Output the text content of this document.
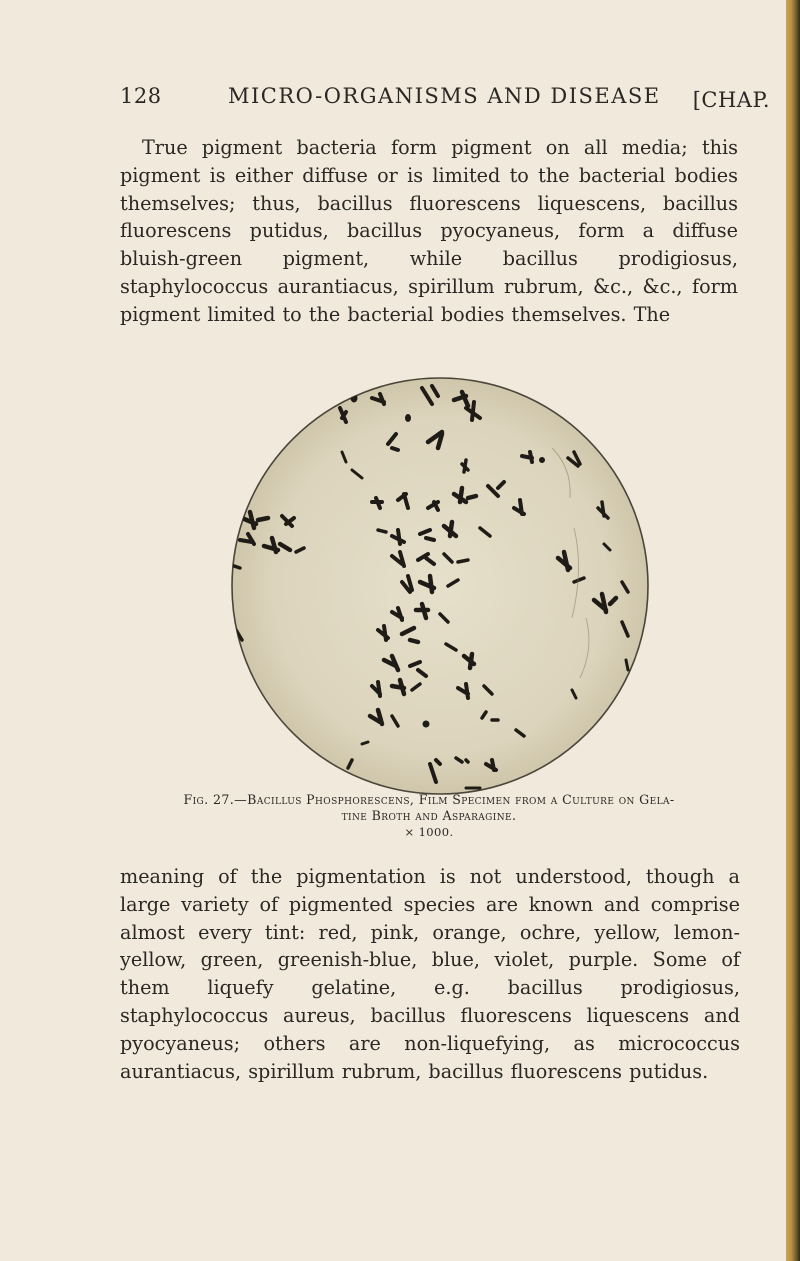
128	MICRO-ORGANISMS AND DISEASE [CHAP.

True pigment bacteria form pigment on all media; this pigment is either diffuse or is limited to the bacterial bodies themselves; thus, bacillus fluorescens liquescens, bacillus fluorescens putidus, bacillus pyocyaneus, form a diffuse bluish-green pigment, while bacillus prodigiosus, staphylococcus aurantiacus, spirillum rubrum, &c., &c., form pigment limited to the bacterial bodies themselves. The

Fig. 27.—Bacillus Phosphorescens, Film Specimen from a Culture on Gela-
tine Broth and Asparagine.
× 1000.

meaning of the pigmentation is not understood, though a large variety of pigmented species are known and comprise almost every tint: red, pink, orange, ochre, yellow, lemon-yellow, green, greenish-blue, blue, violet, purple. Some of them liquefy gelatine, e.g. bacillus prodigiosus, staphylococcus aureus, bacillus fluorescens liquescens and pyocyaneus; others are non-liquefying, as micrococcus aurantiacus, spirillum rubrum, bacillus fluorescens putidus.
